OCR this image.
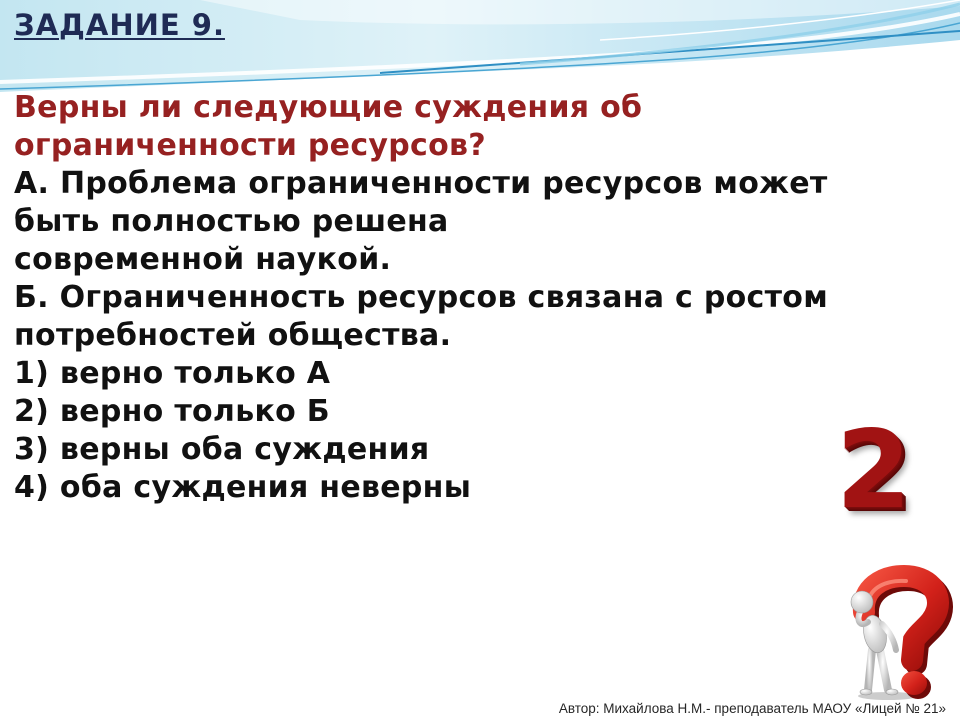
ЗАДАНИЕ 9.
Верны ли следующие суждения об
ограниченности ресурсов?
А. Проблема ограниченности ресурсов может
быть полностью решена
современной наукой.
Б. Ограниченность ресурсов связана с ростом
потребностей общества.
1) верно только А
2) верно только Б
3) верны оба суждения
4) оба суждения неверны	2
Автор: Михайлова Н.М.- преподаватель МАОУ «Лицей № 21»
